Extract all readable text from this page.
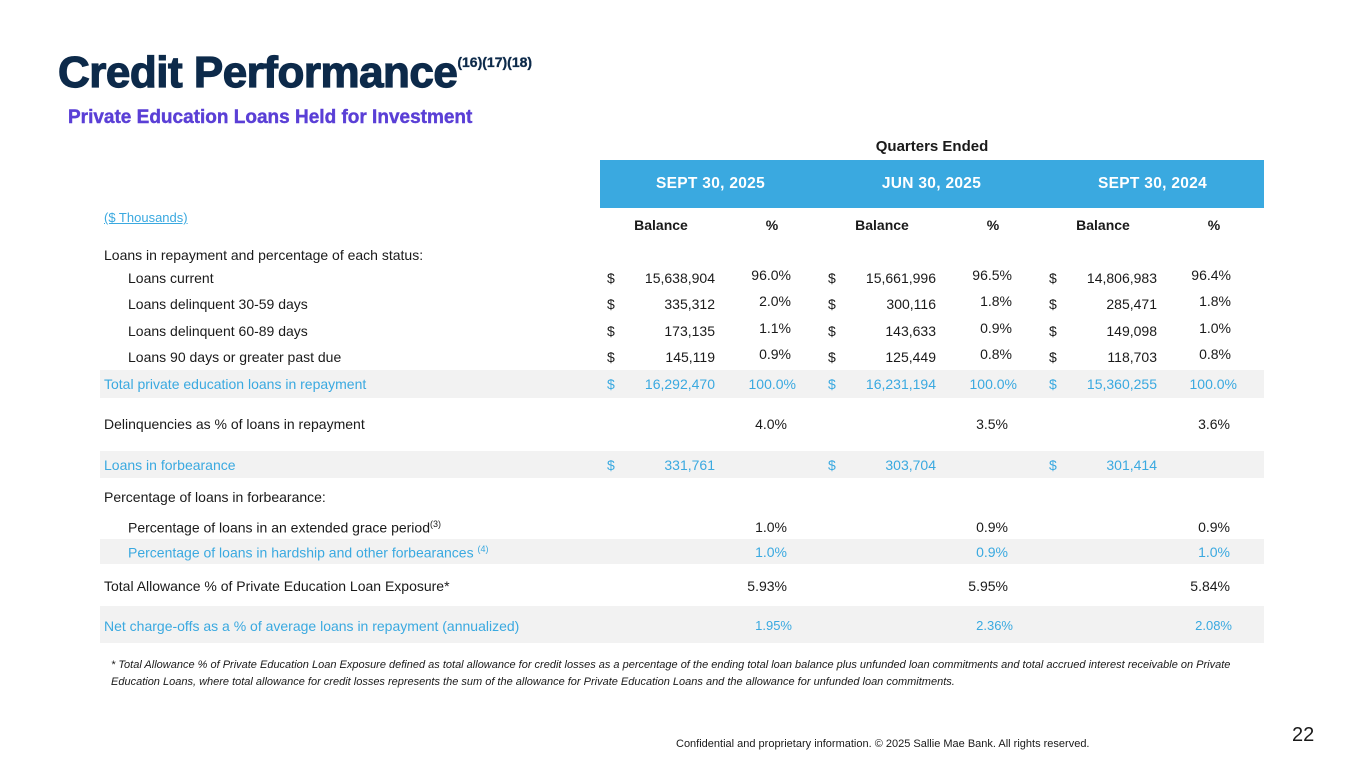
Credit Performance$^{(16)(17)(18)}$
Private Education Loans Held for Investment
Quarters Ended
SEPT 30, 2025	JUN 30, 2025	SEPT 30, 2024
($ Thousands)	Balance	%	Balance	%	Balance	%
Loans in repayment and percentage of each status:
Loans current	$	15,638,904	96.0%	$	15,661,996	96.5%	$	14,806,983	96.4%
Loans delinquent 30-59 days	$	335,312	2.0%	$	300,116	1.8%	$	285,471	1.8%
Loans delinquent 60-89 days	$	173,135	1.1%	$	143,633	0.9%	$	149,098	1.0%
Loans 90 days or greater past due	$	145,119	0.9%	$	125,449	0.8%	$	118,703	0.8%
Total private education loans in repayment	$	16,292,470	100.0% $	16,231,194	100.0% $	15,360,255	100.0%
Delinquencies as % of loans in repayment	4.0%	3.5%	3.6%
Loans in forbearance	$	331,761	$	303,704	$	301,414
Percentage of loans in forbearance:
Percentage of loans in an extended grace period$^{(3)}$	1.0%	0.9%	0.9%
Percentage of loans in hardship and other forbearances $^{(4)}$	1.0%	0.9%	1.0%
Total Allowance % of Private Education Loan Exposure*	5.93%	5.95%	5.84%
Net charge-offs as a % of average loans in repayment (annualized)	1.95%	2.36%	2.08%
* Total Allowance % of Private Education Loan Exposure defined as total allowance for credit losses as a percentage of the ending total loan balance plus unfunded loan commitments and total accrued interest receivable on Private Education Loans, where total allowance for credit losses represents the sum of the allowance for Private Education Loans and the allowance for unfunded loan commitments.
Confidential and proprietary information. © 2025 Sallie Mae Bank. All rights reserved.	22
